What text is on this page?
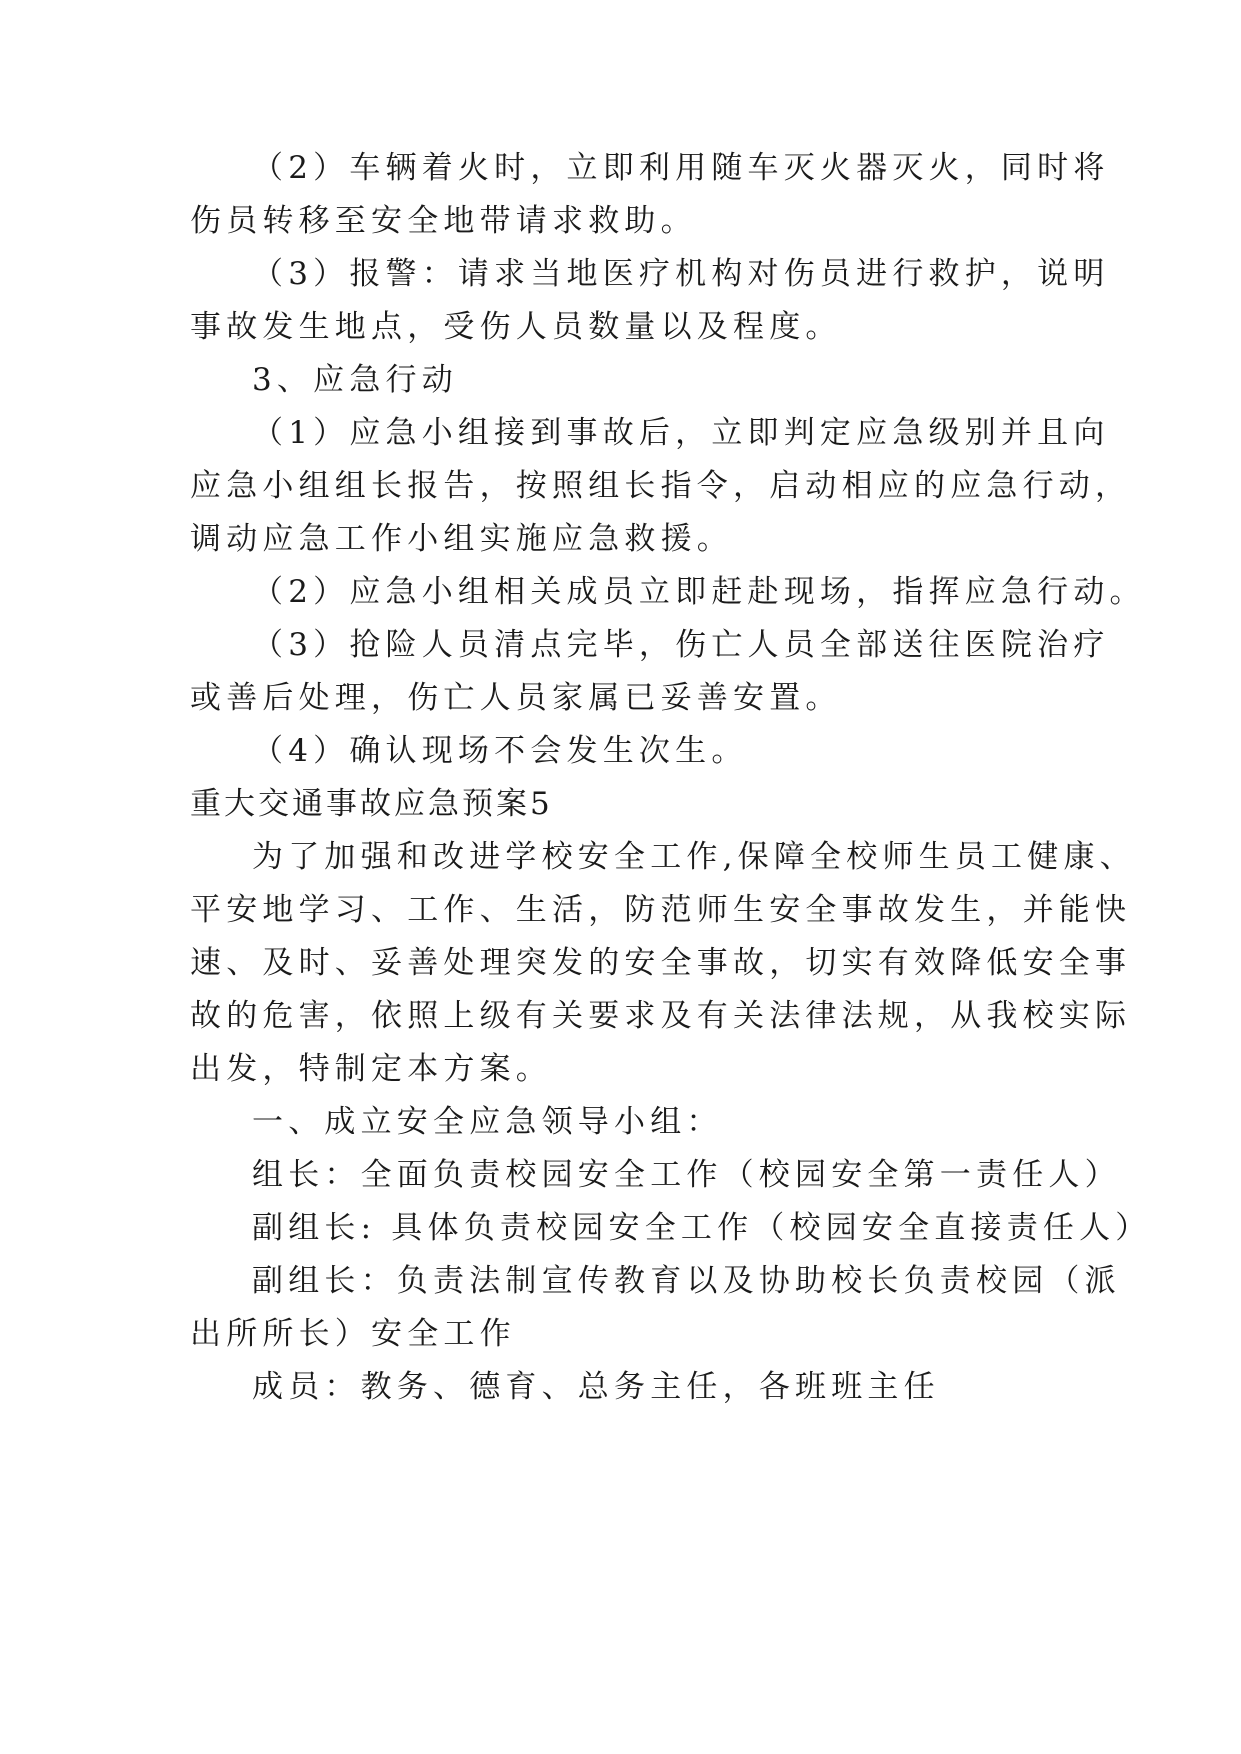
（2）车辆着火时，立即利用随车灭火器灭火，同时将
伤员转移至安全地带请求救助。
（3）报警：请求当地医疗机构对伤员进行救护，说明
事故发生地点，受伤人员数量以及程度。
3、应急行动
（1）应急小组接到事故后，立即判定应急级别并且向
应急小组组长报告，按照组长指令，启动相应的应急行动，
调动应急工作小组实施应急救援。
（2）应急小组相关成员立即赶赴现场，指挥应急行动。
（3）抢险人员清点完毕，伤亡人员全部送往医院治疗
或善后处理，伤亡人员家属已妥善安置。
（4）确认现场不会发生次生。
重大交通事故应急预案5
为了加强和改进学校安全工作,保障全校师生员工健康、
平安地学习、工作、生活，防范师生安全事故发生，并能快
速、及时、妥善处理突发的安全事故，切实有效降低安全事
故的危害，依照上级有关要求及有关法律法规，从我校实际
出发，特制定本方案。
一、成立安全应急领导小组：
组长：全面负责校园安全工作（校园安全第一责任人）
副组长: 具体负责校园安全工作（校园安全直接责任人）
副组长：负责法制宣传教育以及协助校长负责校园（派
出所所长）安全工作
成员：教务、德育、总务主任，各班班主任
